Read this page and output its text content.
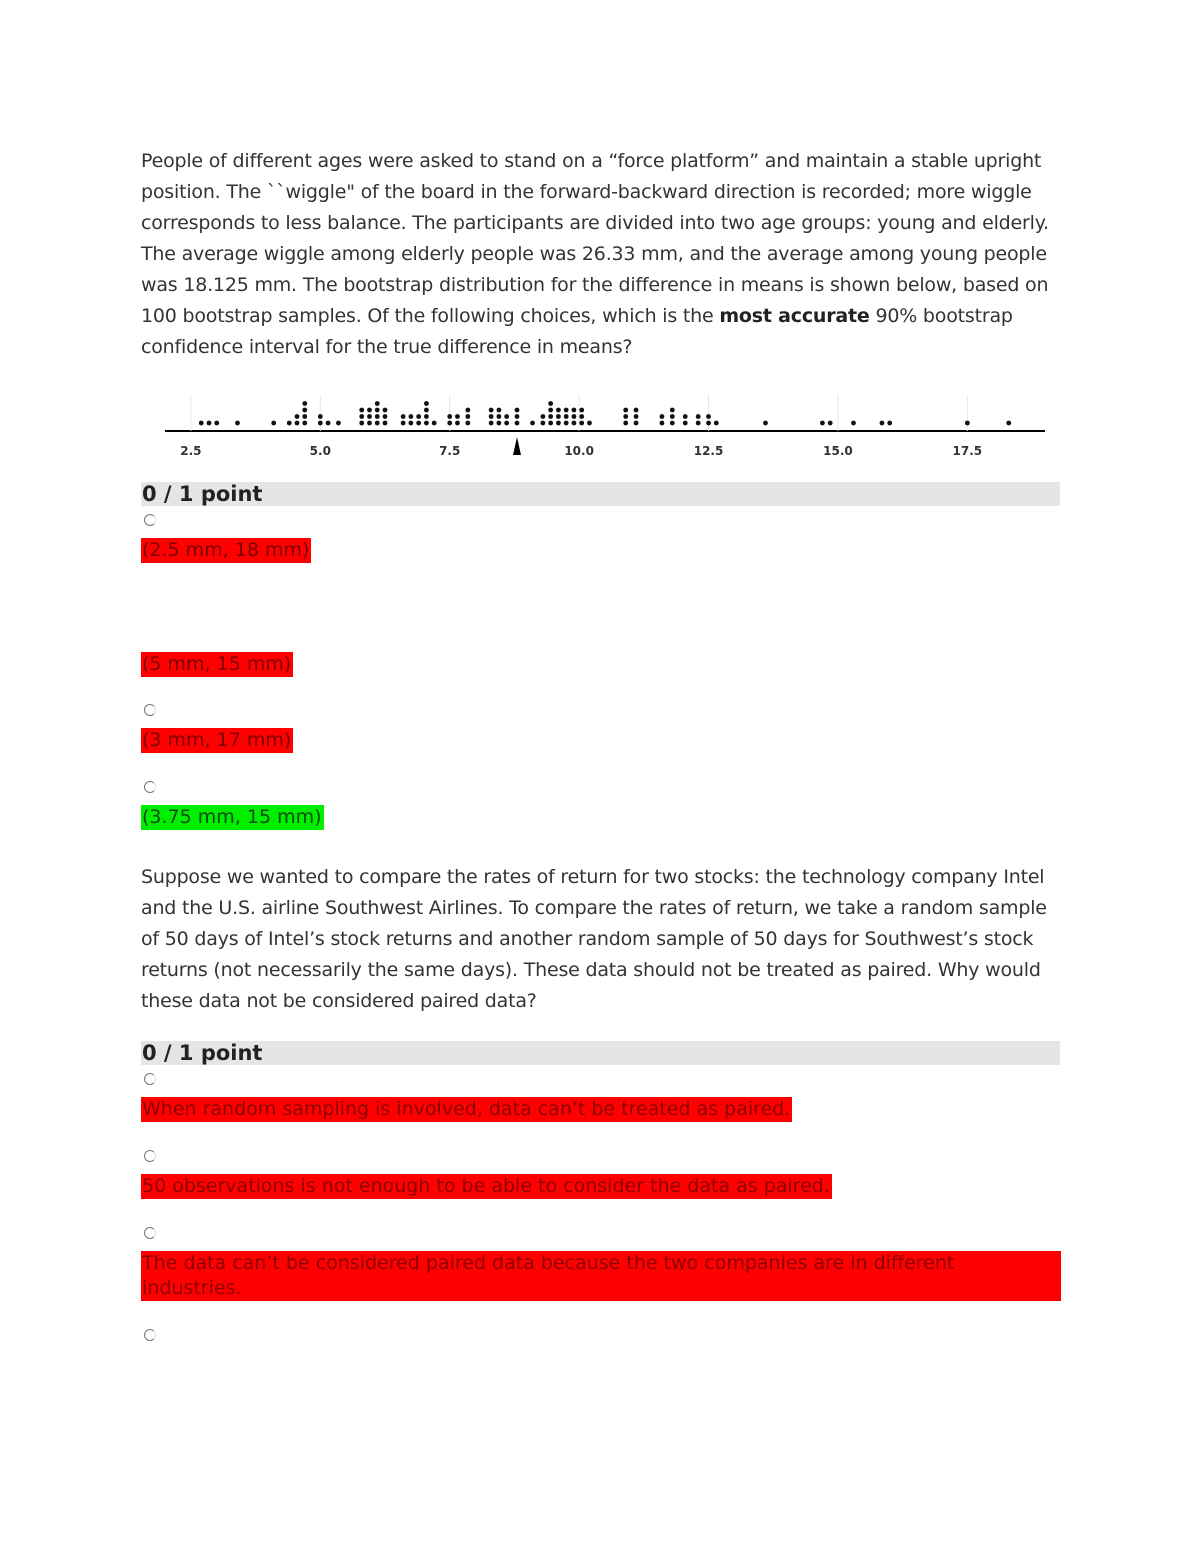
People of different ages were asked to stand on a “force platform” and maintain a stable upright position. The ``wiggle" of the board in the forward-backward direction is recorded; more wiggle corresponds to less balance. The participants are divided into two age groups: young and elderly. The average wiggle among elderly people was 26.33 mm, and the average among young people was 18.125 mm. The bootstrap distribution for the difference in means is shown below, based on 100 bootstrap samples. Of the following choices, which is the most accurate 90% bootstrap confidence interval for the true difference in means?

2.5	5.0	7.5	10.0	12.5	15.0	17.5
0 / 1 point
(2.5 mm, 18 mm)
(5 mm, 15 mm)
(3 mm, 17 mm)
(3.75 mm, 15 mm)

Suppose we wanted to compare the rates of return for two stocks: the technology company Intel and the U.S. airline Southwest Airlines. To compare the rates of return, we take a random sample of 50 days of Intel’s stock returns and another random sample of 50 days for Southwest’s stock returns (not necessarily the same days). These data should not be treated as paired. Why would these data not be considered paired data?

0 / 1 point
When random sampling is involved, data can’t be treated as paired.
50 observations is not enough to be able to consider the data as paired.
The data can’t be considered paired data because the two companies are in different industries.
